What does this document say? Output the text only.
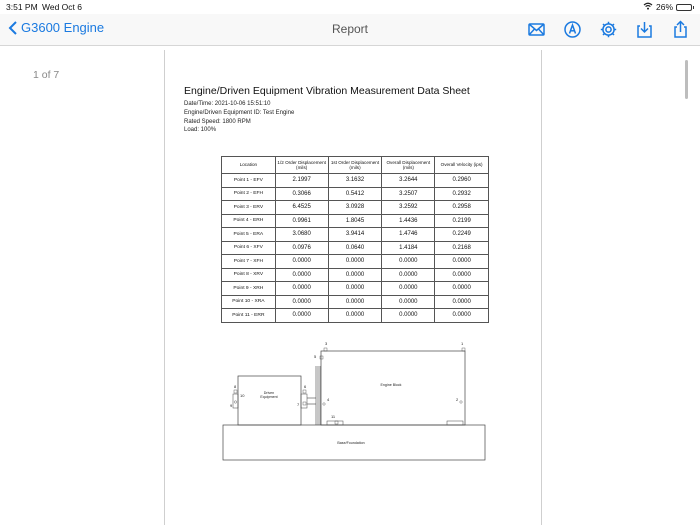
3:51 PM Wed Oct 6	26%
G3600 Engine	Report
1 of 7
Engine/Driven Equipment Vibration Measurement Data Sheet
Date/Time: 2021-10-06 15:51:10
Engine/Driven Equipment ID: Test Engine
Rated Speed: 1800 RPM
Load: 100%
Location	1/2 Order Displacement (mils)	1st Order Displacement (mils)	Overall Displacement (mils)	Overall Velocity (ips)
Point 1 - EFV	2.1997	3.1632	3.2644	0.2960
Point 2 - EFH	0.3066	0.5412	3.2507	0.2932
Point 3 - ERV	6.4525	3.0928	3.2592	0.2958
Point 4 - ERH	0.9961	1.8045	1.4436	0.2199
Point 5 - ERA	3.0680	3.9414	1.4746	0.2249
Point 6 - XFV	0.0976	0.0640	1.4184	0.2168
Point 7 - XFH	0.0000	0.0000	0.0000	0.0000
Point 8 - XRV	0.0000	0.0000	0.0000	0.0000
Point 9 - XRH	0.0000	0.0000	0.0000	0.0000
Point 10 - XRA	0.0000	0.0000	0.0000	0.0000
Point 11 - ERR	0.0000	0.0000	0.0000	0.0000
Base/Foundation
Engine Block
Driven
Equipment
1
2
3
4
5
6
7
8
9
10
11
